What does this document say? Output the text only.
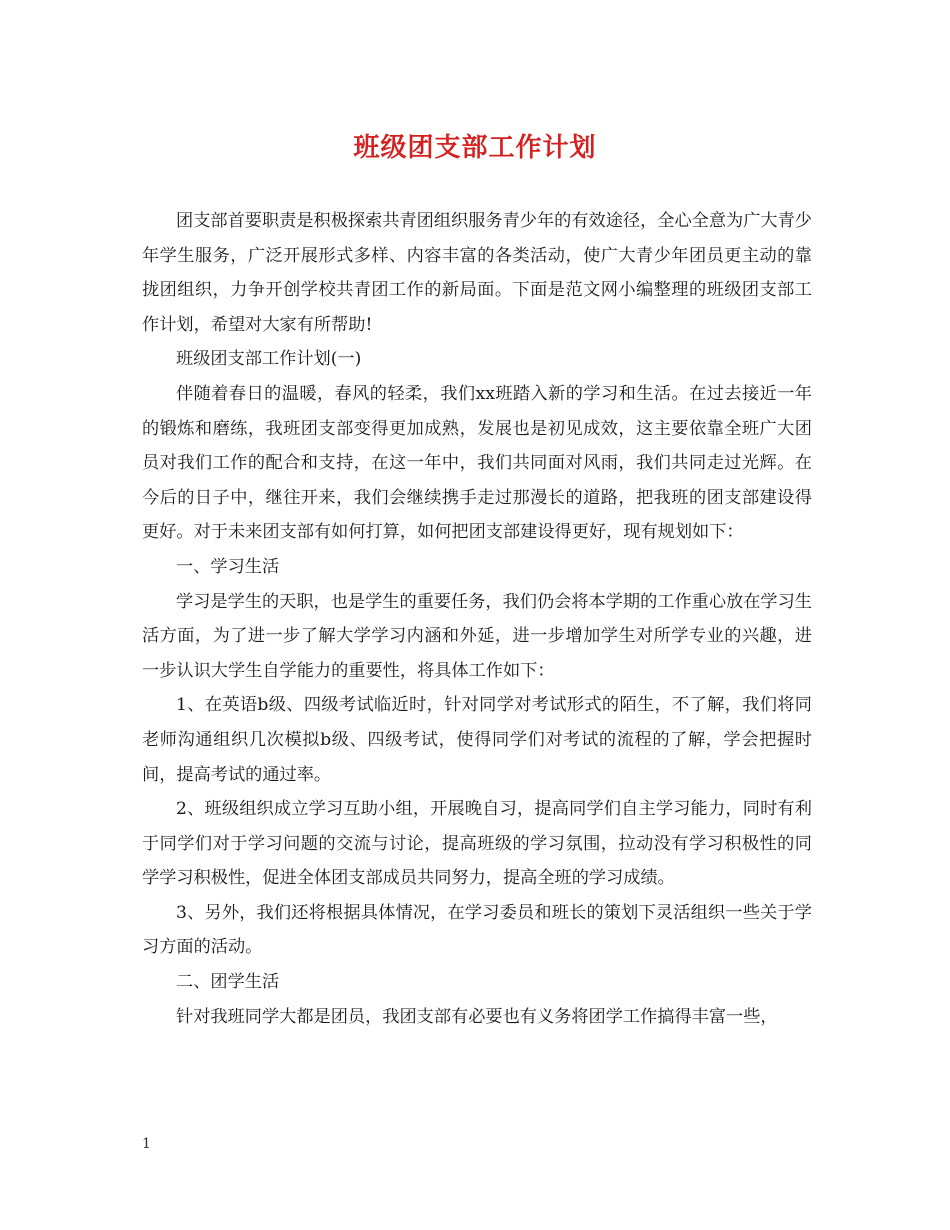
班级团支部工作计划

团支部首要职责是积极探索共青团组织服务青少年的有效途径，全心全意为广大青少年学生服务，广泛开展形式多样、内容丰富的各类活动，使广大青少年团员更主动的靠拢团组织，力争开创学校共青团工作的新局面。下面是范文网小编整理的班级团支部工作计划，希望对大家有所帮助!

班级团支部工作计划(一)

伴随着春日的温暖，春风的轻柔，我们xx班踏入新的学习和生活。在过去接近一年的锻炼和磨练，我班团支部变得更加成熟，发展也是初见成效，这主要依靠全班广大团员对我们工作的配合和支持，在这一年中，我们共同面对风雨，我们共同走过光辉。在今后的日子中，继往开来，我们会继续携手走过那漫长的道路，把我班的团支部建设得更好。对于未来团支部有如何打算，如何把团支部建设得更好，现有规划如下：

一、学习生活

学习是学生的天职，也是学生的重要任务，我们仍会将本学期的工作重心放在学习生活方面，为了进一步了解大学学习内涵和外延，进一步增加学生对所学专业的兴趣，进一步认识大学生自学能力的重要性，将具体工作如下：

1、在英语b级、四级考试临近时，针对同学对考试形式的陌生，不了解，我们将同老师沟通组织几次模拟b级、四级考试，使得同学们对考试的流程的了解，学会把握时间，提高考试的通过率。

2、班级组织成立学习互助小组，开展晚自习，提高同学们自主学习能力，同时有利于同学们对于学习问题的交流与讨论，提高班级的学习氛围，拉动没有学习积极性的同学学习积极性，促进全体团支部成员共同努力，提高全班的学习成绩。

3、另外，我们还将根据具体情况，在学习委员和班长的策划下灵活组织一些关于学习方面的活动。

二、团学生活

针对我班同学大都是团员，我团支部有必要也有义务将团学工作搞得丰富一些，

1
